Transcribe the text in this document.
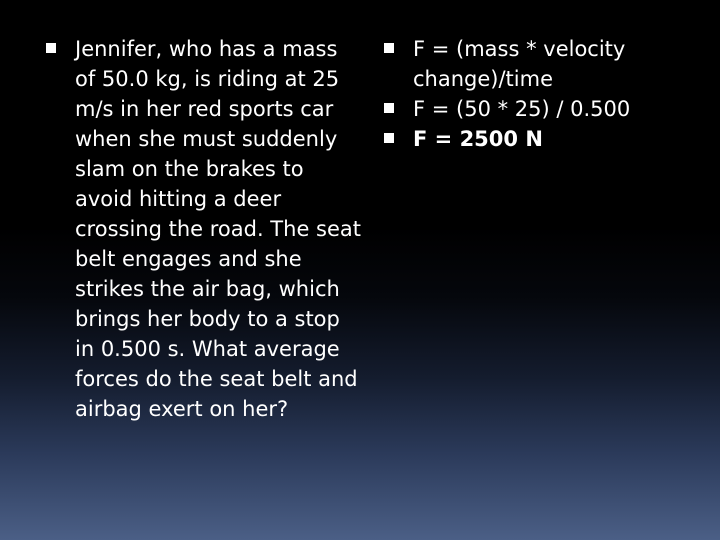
Jennifer, who has a mass of 50.0 kg, is riding at 25 m/s in her red sports car when she must suddenly slam on the brakes to avoid hitting a deer crossing the road. The seat belt engages and she strikes the air bag, which brings her body to a stop in 0.500 s. What average forces do the seat belt and airbag exert on her?
F = (mass * velocity change)/time
F = (50 * 25) / 0.500
F = 2500 N
